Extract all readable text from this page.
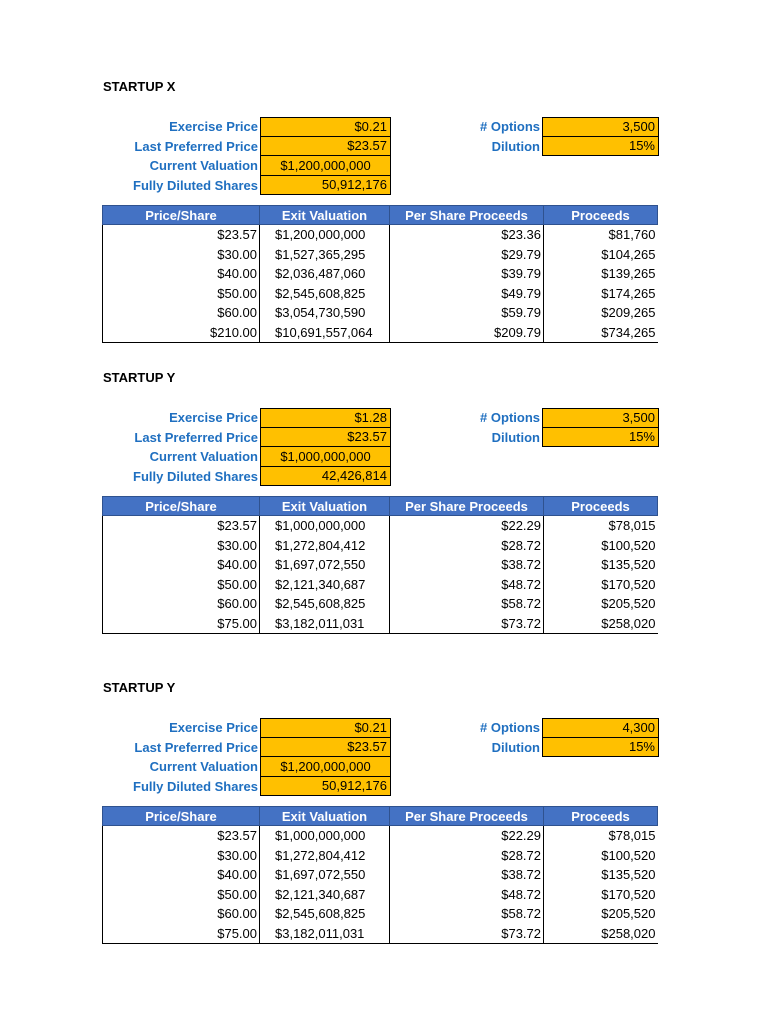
STARTUP X
Exercise Price	$0.21
Last Preferred Price	$23.57
Current Valuation	$1,200,000,000
Fully Diluted Shares	50,912,176
# Options	3,500
Dilution	15%
Price/Share	Exit Valuation	Per Share Proceeds	Proceeds
$23.57	$1,200,000,000	$23.36	$81,760
$30.00	$1,527,365,295	$29.79	$104,265
$40.00	$2,036,487,060	$39.79	$139,265
$50.00	$2,545,608,825	$49.79	$174,265
$60.00	$3,054,730,590	$59.79	$209,265
$210.00	$10,691,557,064	$209.79	$734,265
STARTUP Y
Exercise Price	$1.28
Last Preferred Price	$23.57
Current Valuation	$1,000,000,000
Fully Diluted Shares	42,426,814
# Options	3,500
Dilution	15%
Price/Share	Exit Valuation	Per Share Proceeds	Proceeds
$23.57	$1,000,000,000	$22.29	$78,015
$30.00	$1,272,804,412	$28.72	$100,520
$40.00	$1,697,072,550	$38.72	$135,520
$50.00	$2,121,340,687	$48.72	$170,520
$60.00	$2,545,608,825	$58.72	$205,520
$75.00	$3,182,011,031	$73.72	$258,020
STARTUP Y
Exercise Price	$0.21
Last Preferred Price	$23.57
Current Valuation	$1,200,000,000
Fully Diluted Shares	50,912,176
# Options	4,300
Dilution	15%
Price/Share	Exit Valuation	Per Share Proceeds	Proceeds
$23.57	$1,000,000,000	$22.29	$78,015
$30.00	$1,272,804,412	$28.72	$100,520
$40.00	$1,697,072,550	$38.72	$135,520
$50.00	$2,121,340,687	$48.72	$170,520
$60.00	$2,545,608,825	$58.72	$205,520
$75.00	$3,182,011,031	$73.72	$258,020
